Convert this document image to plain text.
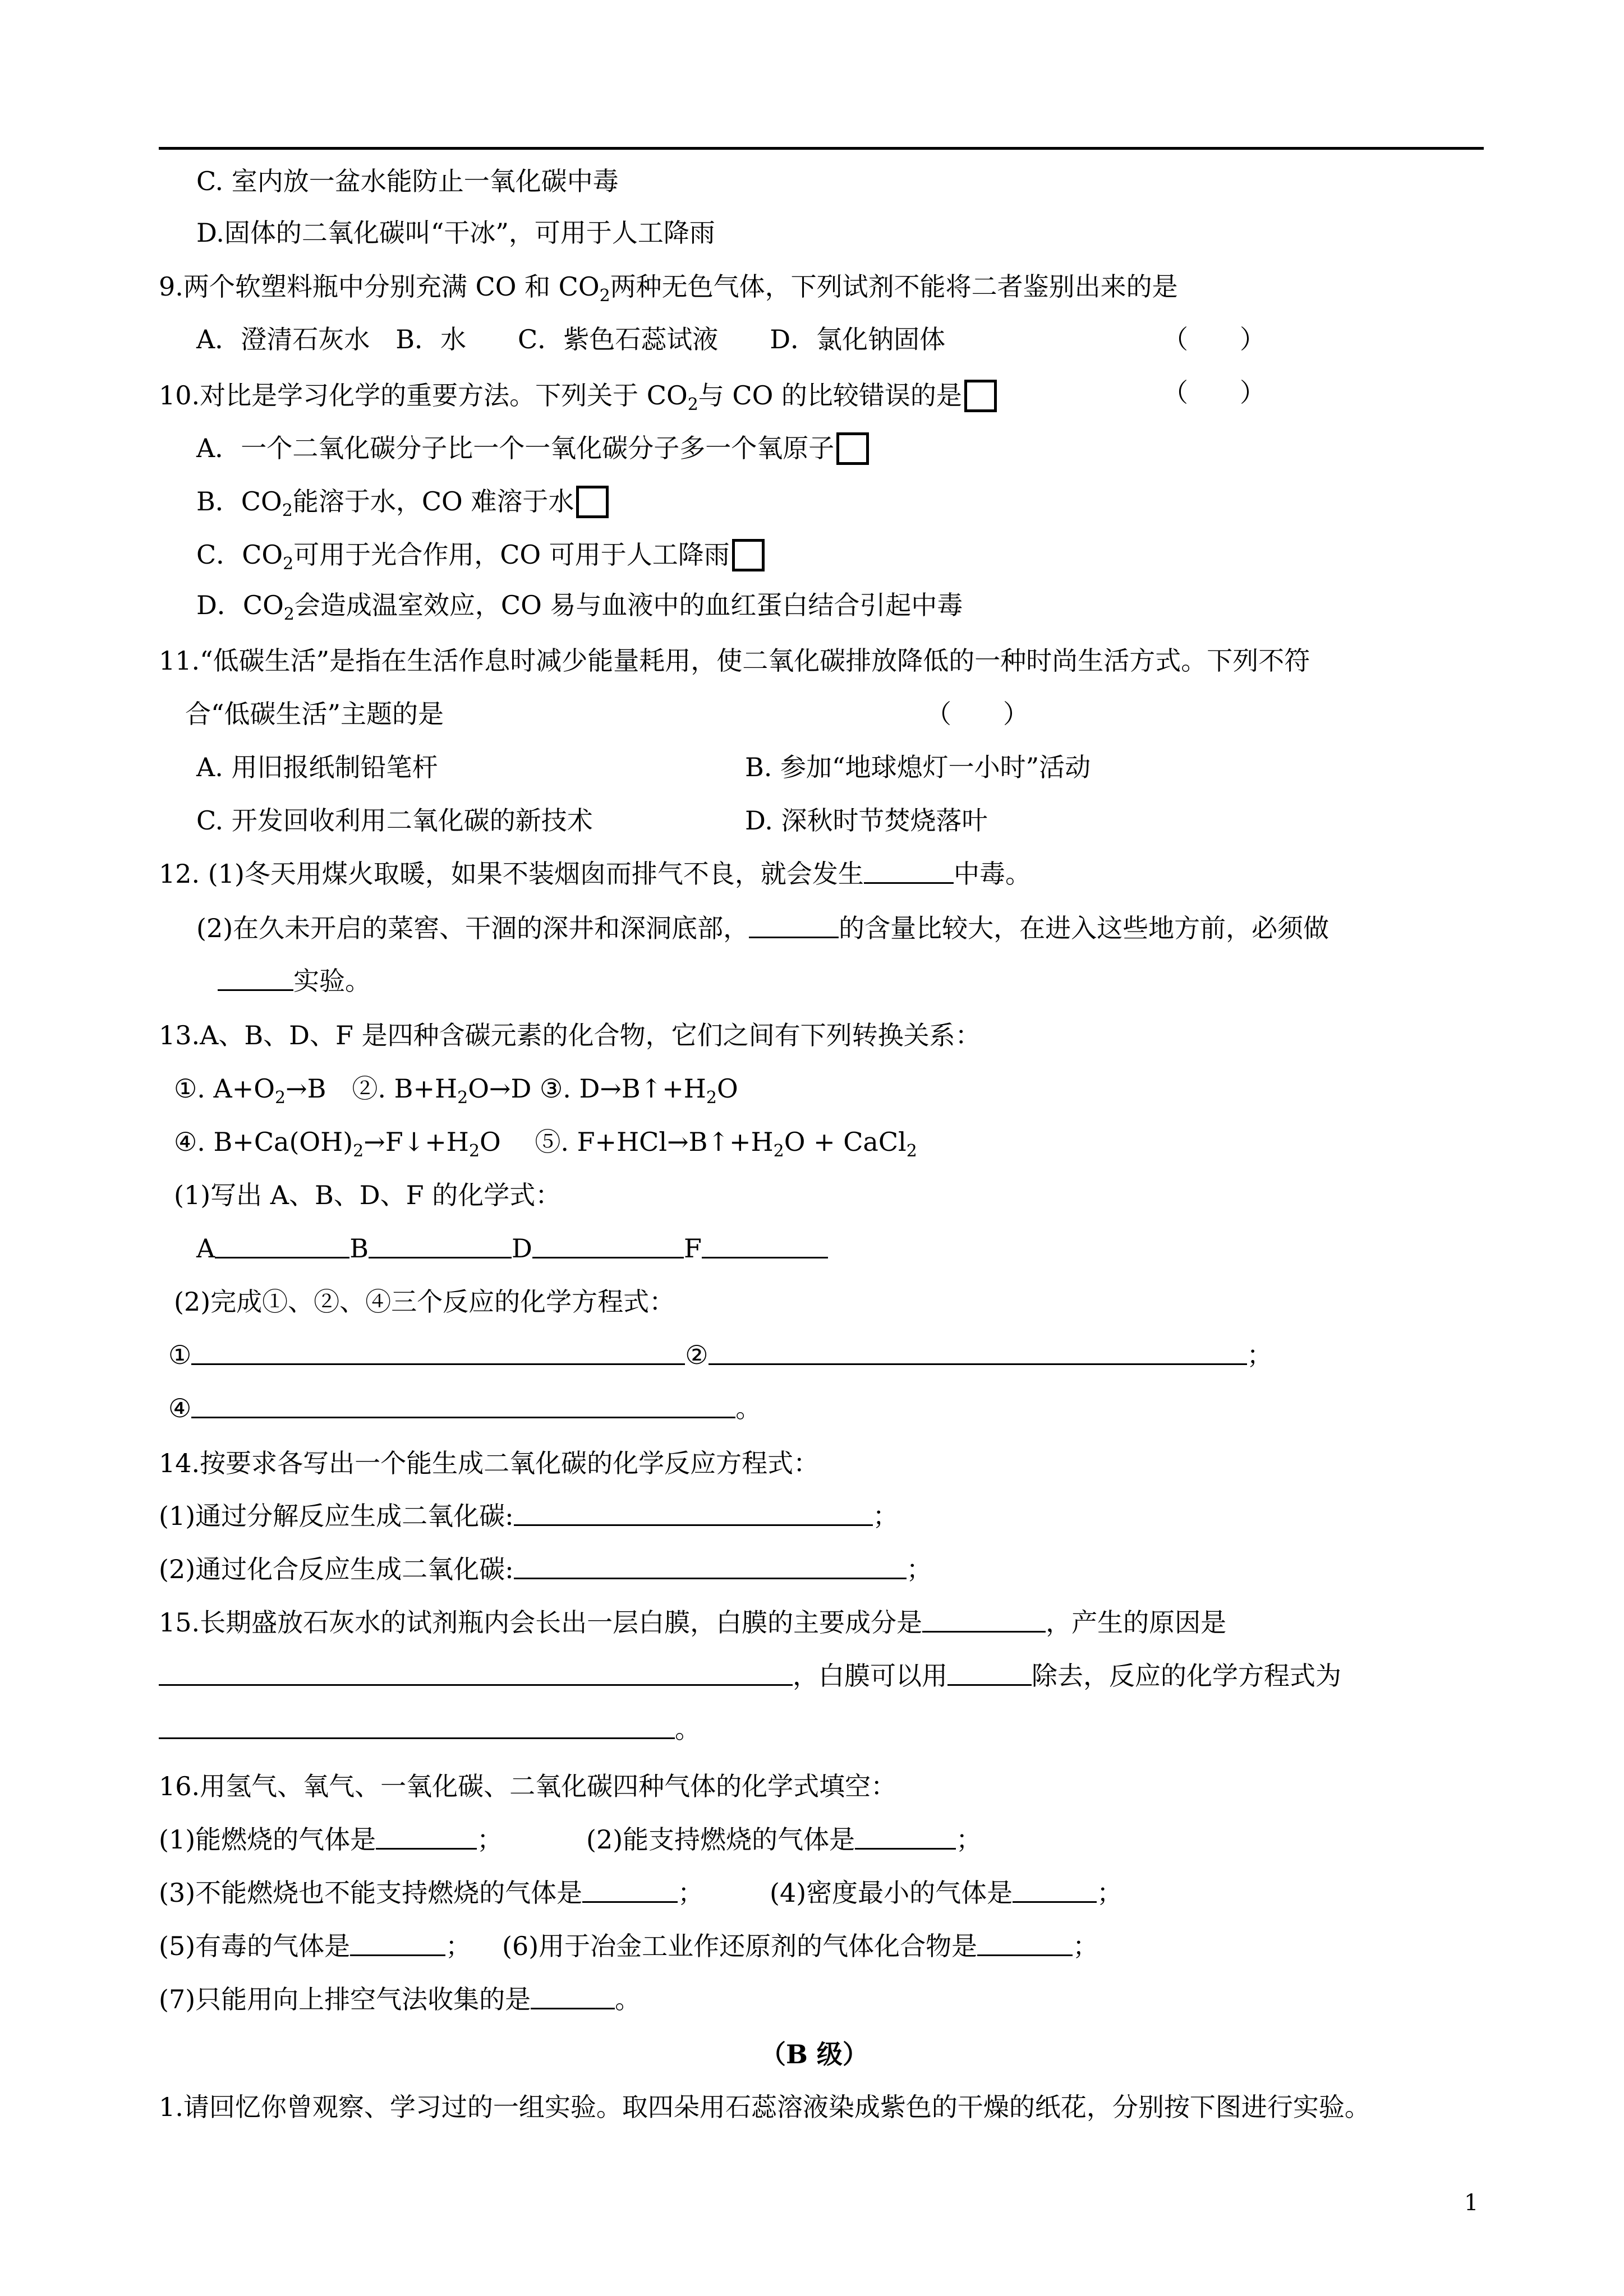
C. 室内放一盆水能防止一氧化碳中毒
D.固体的二氧化碳叫“干冰”，可用于人工降雨
9.两个软塑料瓶中分别充满 CO 和 $CO_2$两种无色气体，下列试剂不能将二者鉴别出来的是
A．澄清石灰水　B．水　　C．紫色石蕊试液　　D．氯化钠固体	（　　）
10.对比是学习化学的重要方法。下列关于 $CO_2$与 CO 的比较错误的是	（　　）
A．一个二氧化碳分子比一个一氧化碳分子多一个氧原子
B．$CO_2$能溶于水，CO 难溶于水
C．$CO_2$可用于光合作用，CO 可用于人工降雨
D．$CO_2$会造成温室效应，CO 易与血液中的血红蛋白结合引起中毒
11.“低碳生活”是指在生活作息时减少能量耗用，使二氧化碳排放降低的一种时尚生活方式。下列不符
合“低碳生活”主题的是	（　　）
A. 用旧报纸制铅笔杆	B. 参加“地球熄灯一小时”活动
C. 开发回收利用二氧化碳的新技术	D. 深秋时节焚烧落叶
12. (1)冬天用煤火取暖，如果不装烟囱而排气不良，就会发生	中毒。
(2)在久未开启的菜窖、干涸的深井和深洞底部，	的含量比较大，在进入这些地方前，必须做
实验。
13.A、B、D、F 是四种含碳元素的化合物，它们之间有下列转换关系：
①. $A+O_2\to B$　②. $B+H_2O\to D$ ③. $D\to B↑+H_2O$
④. $B+Ca(OH)_2\to F↓+H_2O$　 ⑤. $F+HCl\to B↑+H_2O$ + CaCl$_2$
(1)写出 A、B、D、F 的化学式：
A	B	D	F
(2)完成①、②、④三个反应的化学方程式：
①	②	；
④	。
14.按要求各写出一个能生成二氧化碳的化学反应方程式：
(1)通过分解反应生成二氧化碳:	；
(2)通过化合反应生成二氧化碳:	；
15.长期盛放石灰水的试剂瓶内会长出一层白膜，白膜的主要成分是	，产生的原因是
，白膜可以用	除去，反应的化学方程式为
。
16.用氢气、氧气、一氧化碳、二氧化碳四种气体的化学式填空：
(1)能燃烧的气体是	；	(2)能支持燃烧的气体是	；
(3)不能燃烧也不能支持燃烧的气体是	；	(4)密度最小的气体是	；
(5)有毒的气体是	； (6)用于冶金工业作还原剂的气体化合物是	；
(7)只能用向上排空气法收集的是	。
（B 级）
1.请回忆你曾观察、学习过的一组实验。取四朵用石蕊溶液染成紫色的干燥的纸花，分别按下图进行实验。
1
